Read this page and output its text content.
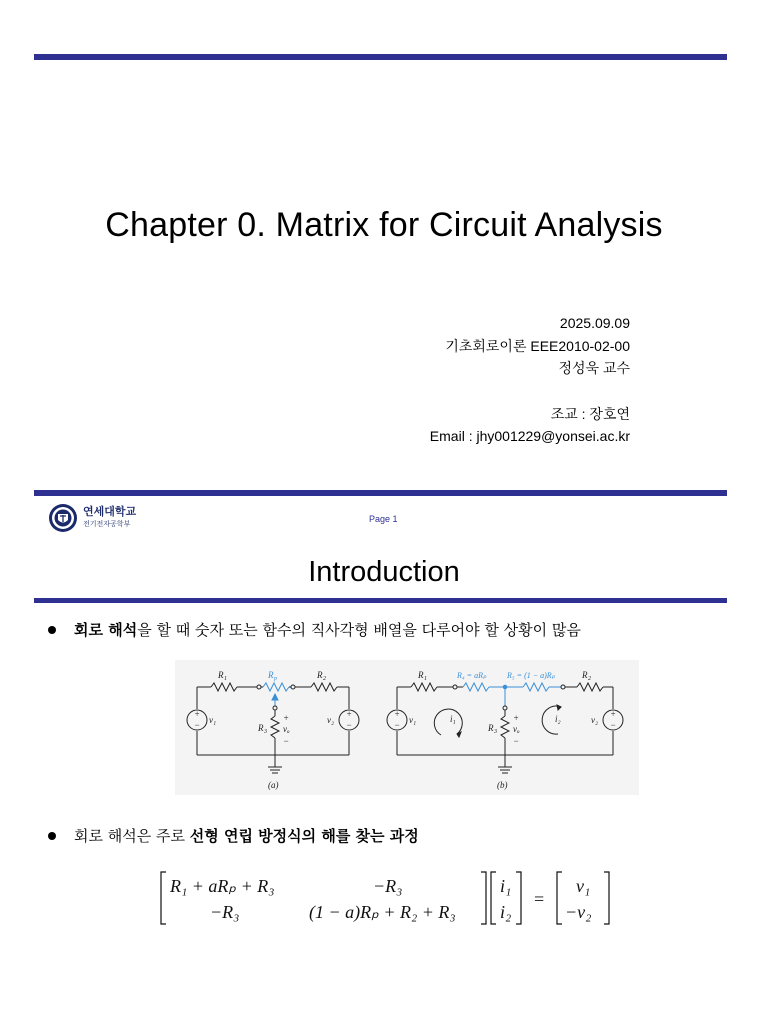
Chapter 0. Matrix for Circuit Analysis
2025.09.09
기초회로이론 EEE2010-02-00
정성욱 교수
조교 : 장호연
Email : jhy001229@yonsei.ac.kr
연세대학교
전기전자공학부	Page 1
Introduction
회로 해석을 할 때 숫자 또는 함수의 직사각형 배열을 다루어야 할 상황이 많음
+
−
+
−
v₁	v₂
R 1	R p	R 2
R 3
+
vₒ
−
(a)
+
−
+
−
v₁	v₂
R 1	R₄ = aRₚ	R₅ = (1 − a)Rₚ	R 2
R 3
+
vₒ
−
i₁	i₂
(b)
회로 해석은 주로 선형 연립 방정식의 해를 찾는 과정
R₁ + aRₚ + R₃	−R₃
−R₃	(1 − a)Rₚ + R₂ + R₃
i₁
i₂
=
v₁
−v₂
